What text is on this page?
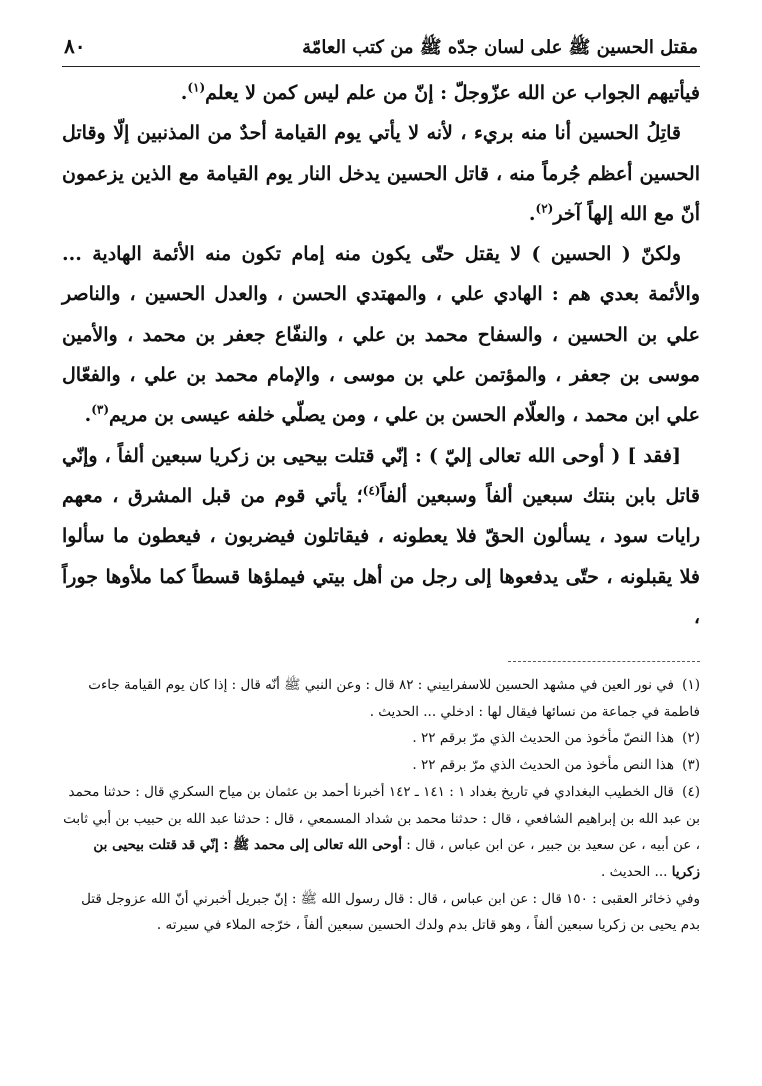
مقتل الحسين ﷺ على لسان جدّه ﷺ من كتب العامّة
٨٠

فيأتيهم الجواب عن الله عزّوجلّ : إنّ من علم ليس كمن لا يعلم$^{(١)}$.

 قاتِلُ الحسين أنا منه بريء ، لأنه لا يأتي يوم القيامة أحدٌ من المذنبين إلّا وقاتل الحسين أعظم جُرماً منه ، قاتل الحسين يدخل النار يوم القيامة مع الذين يزعمون أنّ مع الله إلهاً آخر$^{(٢)}$.

 ولكنّ ( الحسين ) لا يقتل حتّى يكون منه إمام تكون منه الأئمة الهادية ... والأئمة بعدي هم : الهادي علي ، والمهتدي الحسن ، والعدل الحسين ، والناصر علي بن الحسين ، والسفاح محمد بن علي ، والنفّاع جعفر بن محمد ، والأمين موسى بن جعفر ، والمؤتمن علي بن موسى ، والإمام محمد بن علي ، والفعّال علي ابن محمد ، والعلّام الحسن بن علي ، ومن يصلّي خلفه عيسى بن مريم$^{(٣)}$.

 [فقد ] ( أوحى الله تعالى إليّ ) : إنّي قتلت بيحيى بن زكريا سبعين ألفاً ، وإنّي قاتل بابن بنتك سبعين ألفاً وسبعين ألفاً$^{(٤)}$؛ يأتي قوم من قبل المشرق ، معهم رايات سود ، يسألون الحقّ فلا يعطونه ، فيقاتلون فيضربون ، فيعطون ما سألوا فلا يقبلونه ، حتّى يدفعوها إلى رجل من أهل بيتي فيملؤها قسطاً كما ملأوها جوراً ،

(١)في نور العين في مشهد الحسين للاسفراييني : ٨٢ قال : وعن النبي ﷺ أنّه قال : إذا كان يوم القيامة جاءت فاطمة في جماعة من نسائها فيقال لها : ادخلي ... الحديث .

(٢)هذا النصّ مأخوذ من الحديث الذي مرّ برقم ٢٢ .

(٣)هذا النص مأخوذ من الحديث الذي مرّ برقم ٢٢ .

(٤)قال الخطيب البغدادي في تاريخ بغداد ١ : ١٤١ ـ ١٤٢ أخبرنا أحمد بن عثمان بن مياح السكري قال : حدثنا محمد بن عبد الله بن إبراهيم الشافعي ، قال : حدثنا محمد بن شداد المسمعي ، قال : حدثنا عبد الله بن حبيب بن أبي ثابت ، عن أبيه ، عن سعيد بن جبير ، عن ابن عباس ، قال : أوحى الله تعالى إلى محمد ﷺ : إنّي قد قتلت بيحيى بن زكريا ... الحديث .

وفي ذخائر العقبى : ١٥٠ قال : عن ابن عباس ، قال : قال رسول الله ﷺ : إنّ جبريل أخبرني أنّ الله عزوجل قتل بدم يحيى بن زكريا سبعين ألفاً ، وهو قاتل بدم ولدك الحسين سبعين ألفاً ، خرّجه الملاء في سيرته .
